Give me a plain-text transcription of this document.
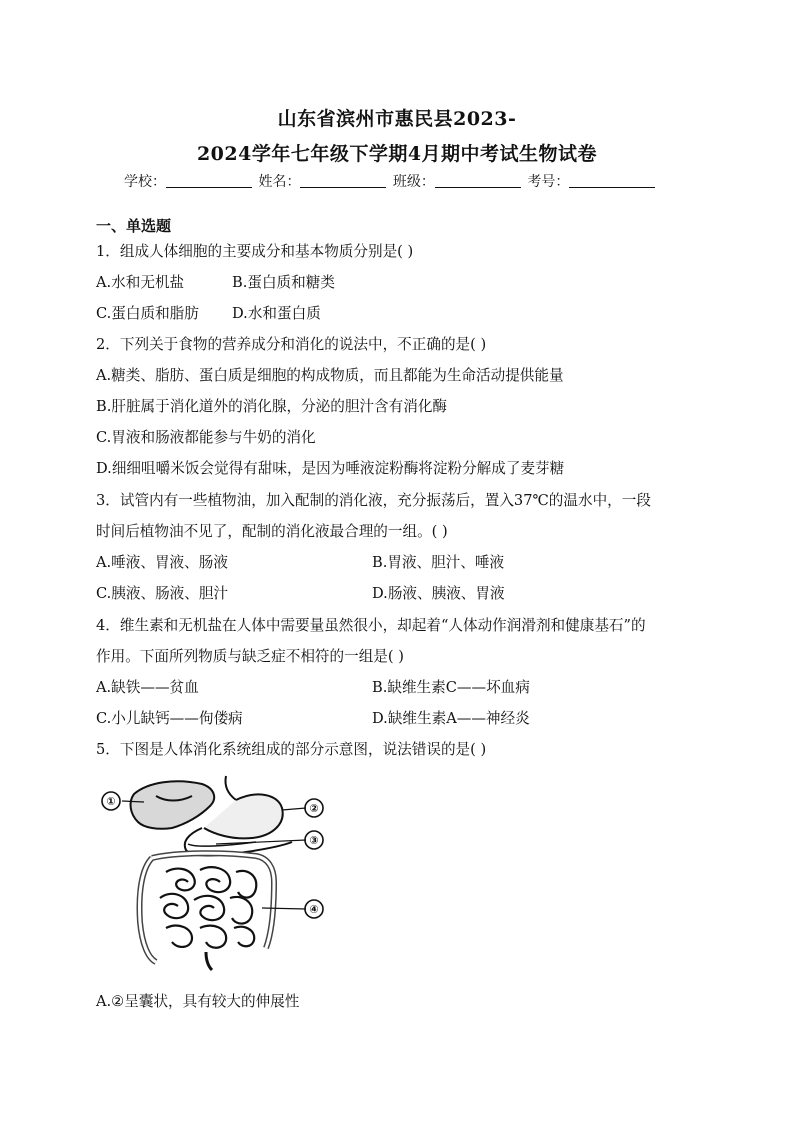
山东省滨州市惠民县2023-
2024学年七年级下学期4月期中考试生物试卷
学校：	姓名：	班级：	考号：
一、单选题
1．组成人体细胞的主要成分和基本物质分别是( )
A.水和无机盐	B.蛋白质和糖类
C.蛋白质和脂肪 D.水和蛋白质
2．下列关于食物的营养成分和消化的说法中，不正确的是( )
A.糖类、脂肪、蛋白质是细胞的构成物质，而且都能为生命活动提供能量
B.肝脏属于消化道外的消化腺，分泌的胆汁含有消化酶
C.胃液和肠液都能参与牛奶的消化
D.细细咀嚼米饭会觉得有甜味，是因为唾液淀粉酶将淀粉分解成了麦芽糖
3．试管内有一些植物油，加入配制的消化液，充分振荡后，置入37℃的温水中，一段
时间后植物油不见了，配制的消化液最合理的一组。( )
A.唾液、胃液、肠液	B.胃液、胆汁、唾液
C.胰液、肠液、胆汁	D.肠液、胰液、胃液
4．维生素和无机盐在人体中需要量虽然很小，却起着“人体动作润滑剂和健康基石”的
作用。下面所列物质与缺乏症不相符的一组是( )
A.缺铁——贫血	B.缺维生素C——坏血病
C.小儿缺钙——佝偻病	D.缺维生素A——神经炎
5．下图是人体消化系统组成的部分示意图，说法错误的是( )
①
②
③
④
A.②呈囊状，具有较大的伸展性
